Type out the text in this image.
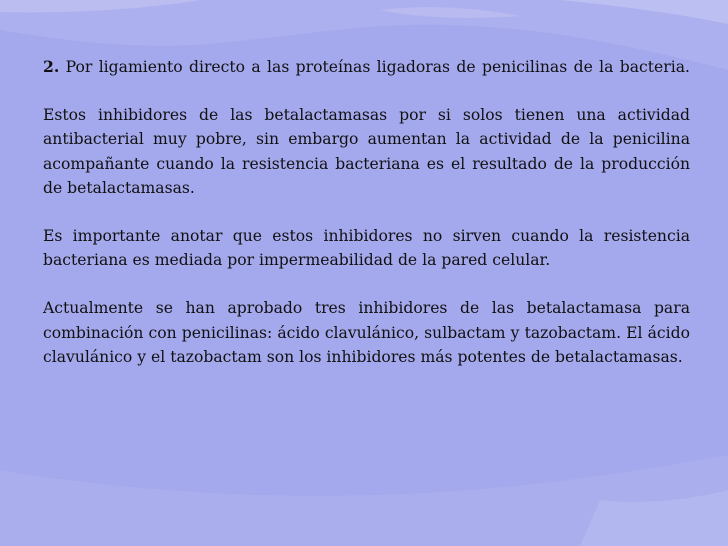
2. Por ligamiento directo a las proteínas ligadoras de penicilinas de la bacteria.

Estos inhibidores de las betalactamasas por si solos tienen una actividad antibacterial muy pobre, sin embargo aumentan la actividad de la penicilina acompañante cuando la resistencia bacteriana es el resultado de la producción de betalactamasas.

Es importante anotar que estos inhibidores no sirven cuando la resistencia bacteriana es mediada por impermeabilidad de la pared celular.

Actualmente se han aprobado tres inhibidores de las betalactamasa para combinación con penicilinas: ácido clavulánico, sulbactam y tazobactam. El ácido clavulánico y el tazobactam son los inhibidores más potentes de betalactamasas.
